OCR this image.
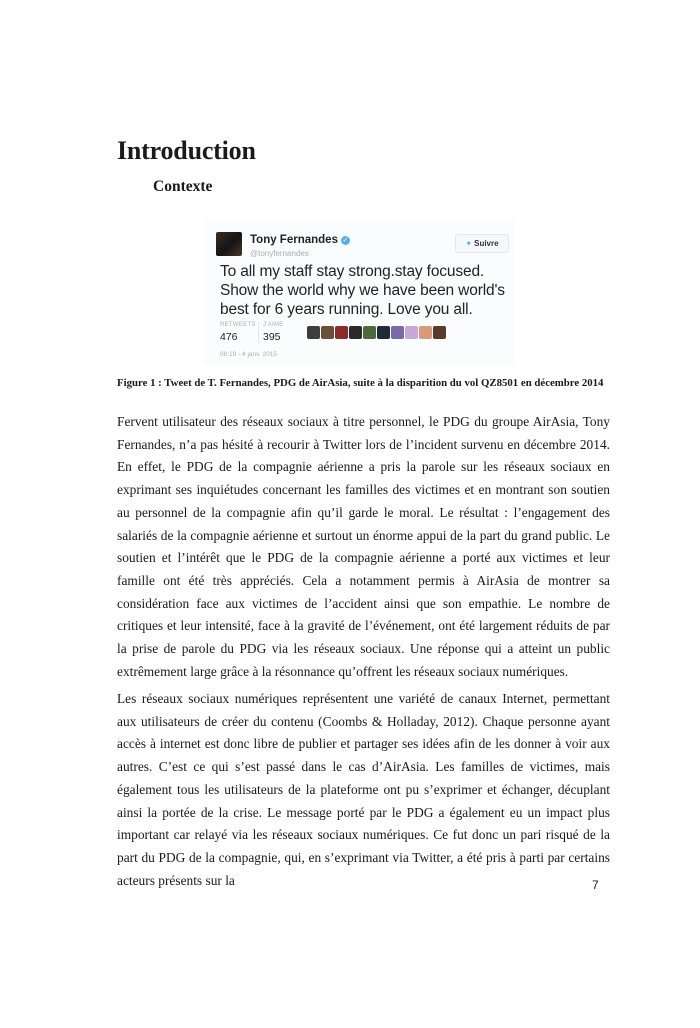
Introduction
Contexte
Tony Fernandes ✓
@tonyfernandes
✦ Suivre
To all my staff stay strong.stay focused. Show the world why we have been world's best for 6 years running. Love you all.
RETWEETS
476
J'AIME
395
08:19 - 4 janv. 2015
Figure 1 : Tweet de T. Fernandes, PDG de AirAsia, suite à la disparition du vol QZ8501 en décembre 2014

Fervent utilisateur des réseaux sociaux à titre personnel, le PDG du groupe AirAsia, Tony Fernandes, n’a pas hésité à recourir à Twitter lors de l’incident survenu en décembre 2014. En effet, le PDG de la compagnie aérienne a pris la parole sur les réseaux sociaux en exprimant ses inquiétudes concernant les familles des victimes et en montrant son soutien au personnel de la compagnie afin qu’il garde le moral. Le résultat : l’engagement des salariés de la compagnie aérienne et surtout un énorme appui de la part du grand public. Le soutien et l’intérêt que le PDG de la compagnie aérienne a porté aux victimes et leur famille ont été très appréciés. Cela a notamment permis à AirAsia de montrer sa considération face aux victimes de l’accident ainsi que son empathie. Le nombre de critiques et leur intensité, face à la gravité de l’événement, ont été largement réduits de par la prise de parole du PDG via les réseaux sociaux. Une réponse qui a atteint un public extrêmement large grâce à la résonnance qu’offrent les réseaux sociaux numériques.

Les réseaux sociaux numériques représentent une variété de canaux Internet, permettant aux utilisateurs de créer du contenu (Coombs & Holladay, 2012). Chaque personne ayant accès à internet est donc libre de publier et partager ses idées afin de les donner à voir aux autres. C’est ce qui s’est passé dans le cas d’AirAsia. Les familles de victimes, mais également tous les utilisateurs de la plateforme ont pu s’exprimer et échanger, décuplant ainsi la portée de la crise. Le message porté par le PDG a également eu un impact plus important car relayé via les réseaux sociaux numériques. Ce fut donc un pari risqué de la part du PDG de la compagnie, qui, en s’exprimant via Twitter, a été pris à parti par certains acteurs présents sur la	7
